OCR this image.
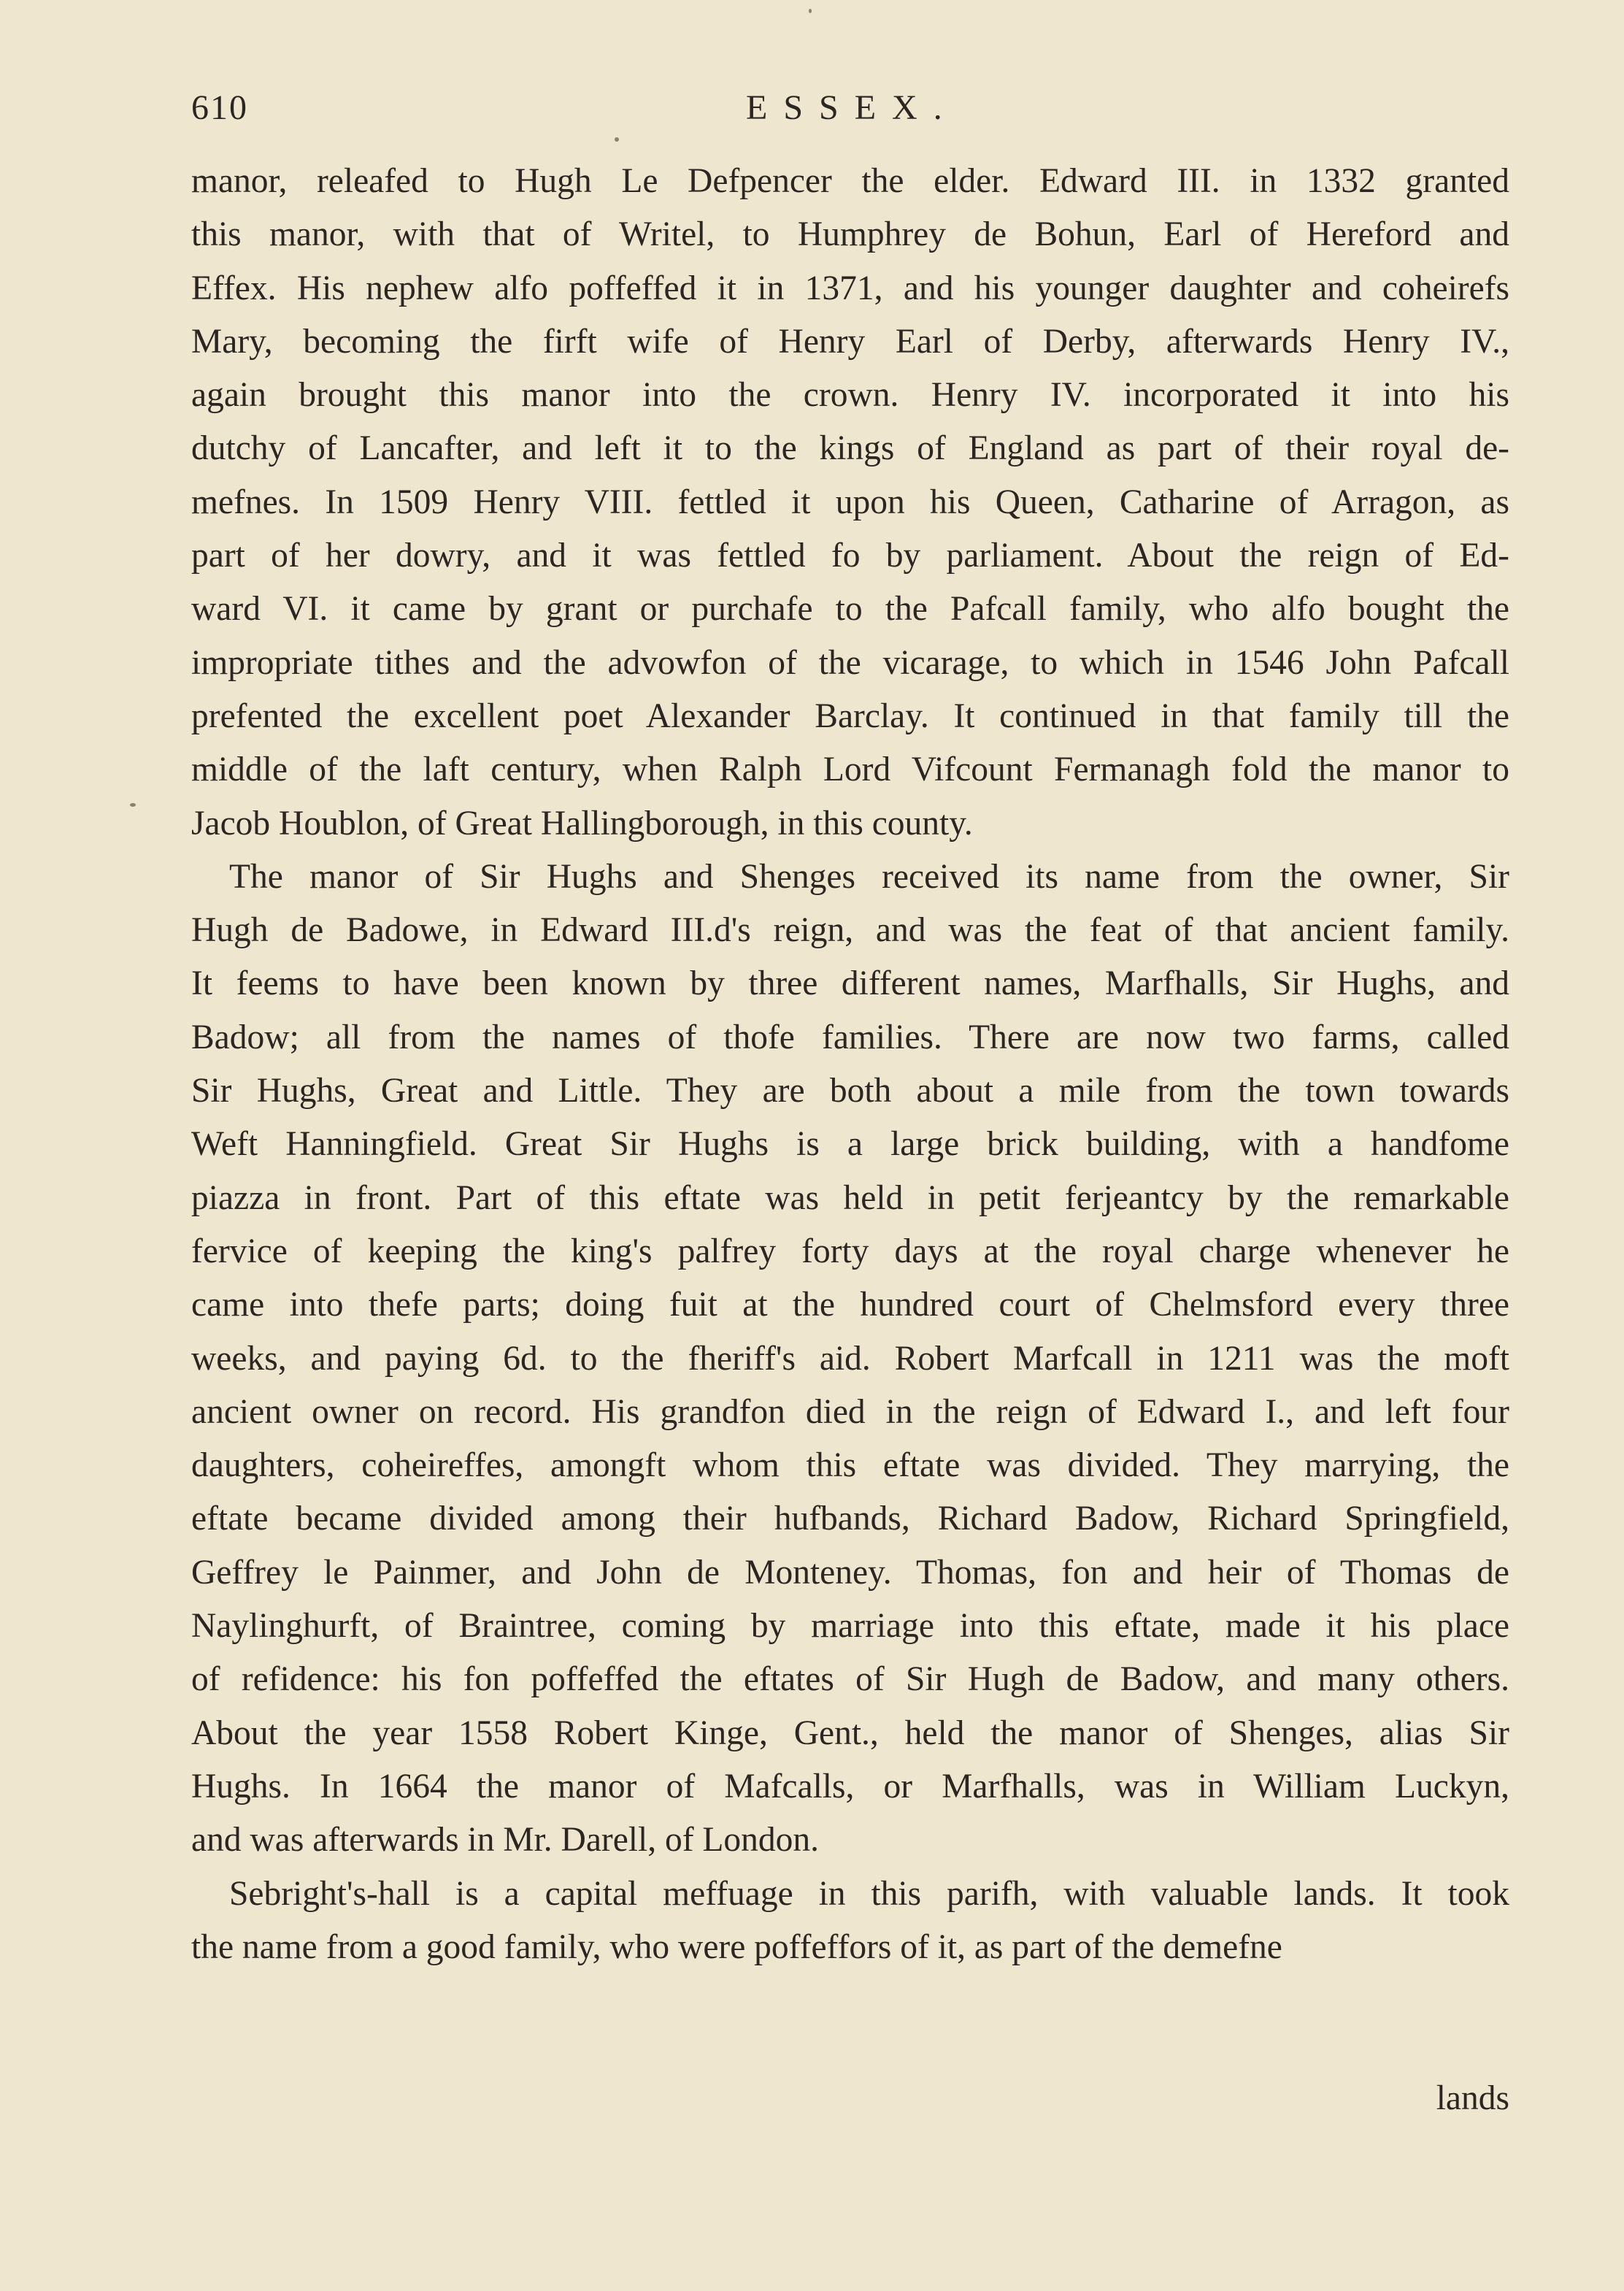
610	ESSEX.
manor, releafed to Hugh Le Defpencer the elder. Edward III. in 1332 granted
this manor, with that of Writel, to Humphrey de Bohun, Earl of Hereford and
Effex. His nephew alfo poffeffed it in 1371, and his younger daughter and coheirefs
Mary, becoming the firft wife of Henry Earl of Derby, afterwards Henry IV.,
again brought this manor into the crown. Henry IV. incorporated it into his
dutchy of Lancafter, and left it to the kings of England as part of their royal de-
mefnes. In 1509 Henry VIII. fettled it upon his Queen, Catharine of Arragon, as
part of her dowry, and it was fettled fo by parliament. About the reign of Ed-
ward VI. it came by grant or purchafe to the Pafcall family, who alfo bought the
impropriate tithes and the advowfon of the vicarage, to which in 1546 John Pafcall
prefented the excellent poet Alexander Barclay. It continued in that family till the
middle of the laft century, when Ralph Lord Vifcount Fermanagh fold the manor to
Jacob Houblon, of Great Hallingborough, in this county.
The manor of Sir Hughs and Shenges received its name from the owner, Sir
Hugh de Badowe, in Edward III.d's reign, and was the feat of that ancient family.
It feems to have been known by three different names, Marfhalls, Sir Hughs, and
Badow; all from the names of thofe families. There are now two farms, called
Sir Hughs, Great and Little. They are both about a mile from the town towards
Weft Hanningfield. Great Sir Hughs is a large brick building, with a handfome
piazza in front. Part of this eftate was held in petit ferjeantcy by the remarkable
fervice of keeping the king's palfrey forty days at the royal charge whenever he
came into thefe parts; doing fuit at the hundred court of Chelmsford every three
weeks, and paying 6d. to the fheriff's aid. Robert Marfcall in 1211 was the moft
ancient owner on record. His grandfon died in the reign of Edward I., and left four
daughters, coheireffes, amongft whom this eftate was divided. They marrying, the
eftate became divided among their hufbands, Richard Badow, Richard Springfield,
Geffrey le Painmer, and John de Monteney. Thomas, fon and heir of Thomas de
Naylinghurft, of Braintree, coming by marriage into this eftate, made it his place
of refidence: his fon poffeffed the eftates of Sir Hugh de Badow, and many others.
About the year 1558 Robert Kinge, Gent., held the manor of Shenges, alias Sir
Hughs. In 1664 the manor of Mafcalls, or Marfhalls, was in William Luckyn,
and was afterwards in Mr. Darell, of London.
Sebright's-hall is a capital meffuage in this parifh, with valuable lands. It took
the name from a good family, who were poffeffors of it, as part of the demefne
lands
